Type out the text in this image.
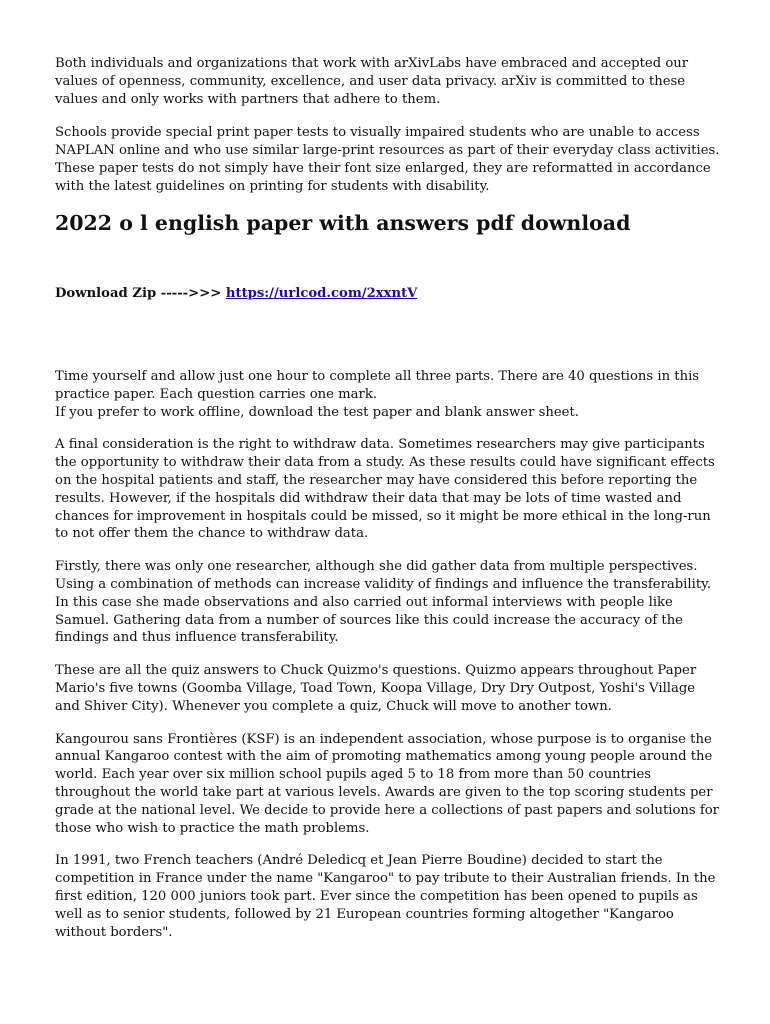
Both individuals and organizations that work with arXivLabs have embraced and accepted our values of openness, community, excellence, and user data privacy. arXiv is committed to these values and only works with partners that adhere to them.

Schools provide special print paper tests to visually impaired students who are unable to access NAPLAN online and who use similar large-print resources as part of their everyday class activities. These paper tests do not simply have their font size enlarged, they are reformatted in accordance with the latest guidelines on printing for students with disability.

2022 o l english paper with answers pdf download
Download Zip ----->>> https://urlcod.com/2xxntV

Time yourself and allow just one hour to complete all three parts. There are 40 questions in this practice paper. Each question carries one mark.
If you prefer to work offline, download the test paper and blank answer sheet.

A final consideration is the right to withdraw data. Sometimes researchers may give participants the opportunity to withdraw their data from a study. As these results could have significant effects on the hospital patients and staff, the researcher may have considered this before reporting the results. However, if the hospitals did withdraw their data that may be lots of time wasted and chances for improvement in hospitals could be missed, so it might be more ethical in the long-run to not offer them the chance to withdraw data.

Firstly, there was only one researcher, although she did gather data from multiple perspectives. Using a combination of methods can increase validity of findings and influence the transferability. In this case she made observations and also carried out informal interviews with people like Samuel. Gathering data from a number of sources like this could increase the accuracy of the findings and thus influence transferability.

These are all the quiz answers to Chuck Quizmo's questions. Quizmo appears throughout Paper Mario's five towns (Goomba Village, Toad Town, Koopa Village, Dry Dry Outpost, Yoshi's Village and Shiver City). Whenever you complete a quiz, Chuck will move to another town.

Kangourou sans Frontières (KSF) is an independent association, whose purpose is to organise the annual Kangaroo contest with the aim of promoting mathematics among young people around the world. Each year over six million school pupils aged 5 to 18 from more than 50 countries throughout the world take part at various levels. Awards are given to the top scoring students per grade at the national level. We decide to provide here a collections of past papers and solutions for those who wish to practice the math problems.

In 1991, two French teachers (André Deledicq et Jean Pierre Boudine) decided to start the competition in France under the name "Kangaroo" to pay tribute to their Australian friends. In the first edition, 120 000 juniors took part. Ever since the competition has been opened to pupils as well as to senior students, followed by 21 European countries forming altogether "Kangaroo without borders".
